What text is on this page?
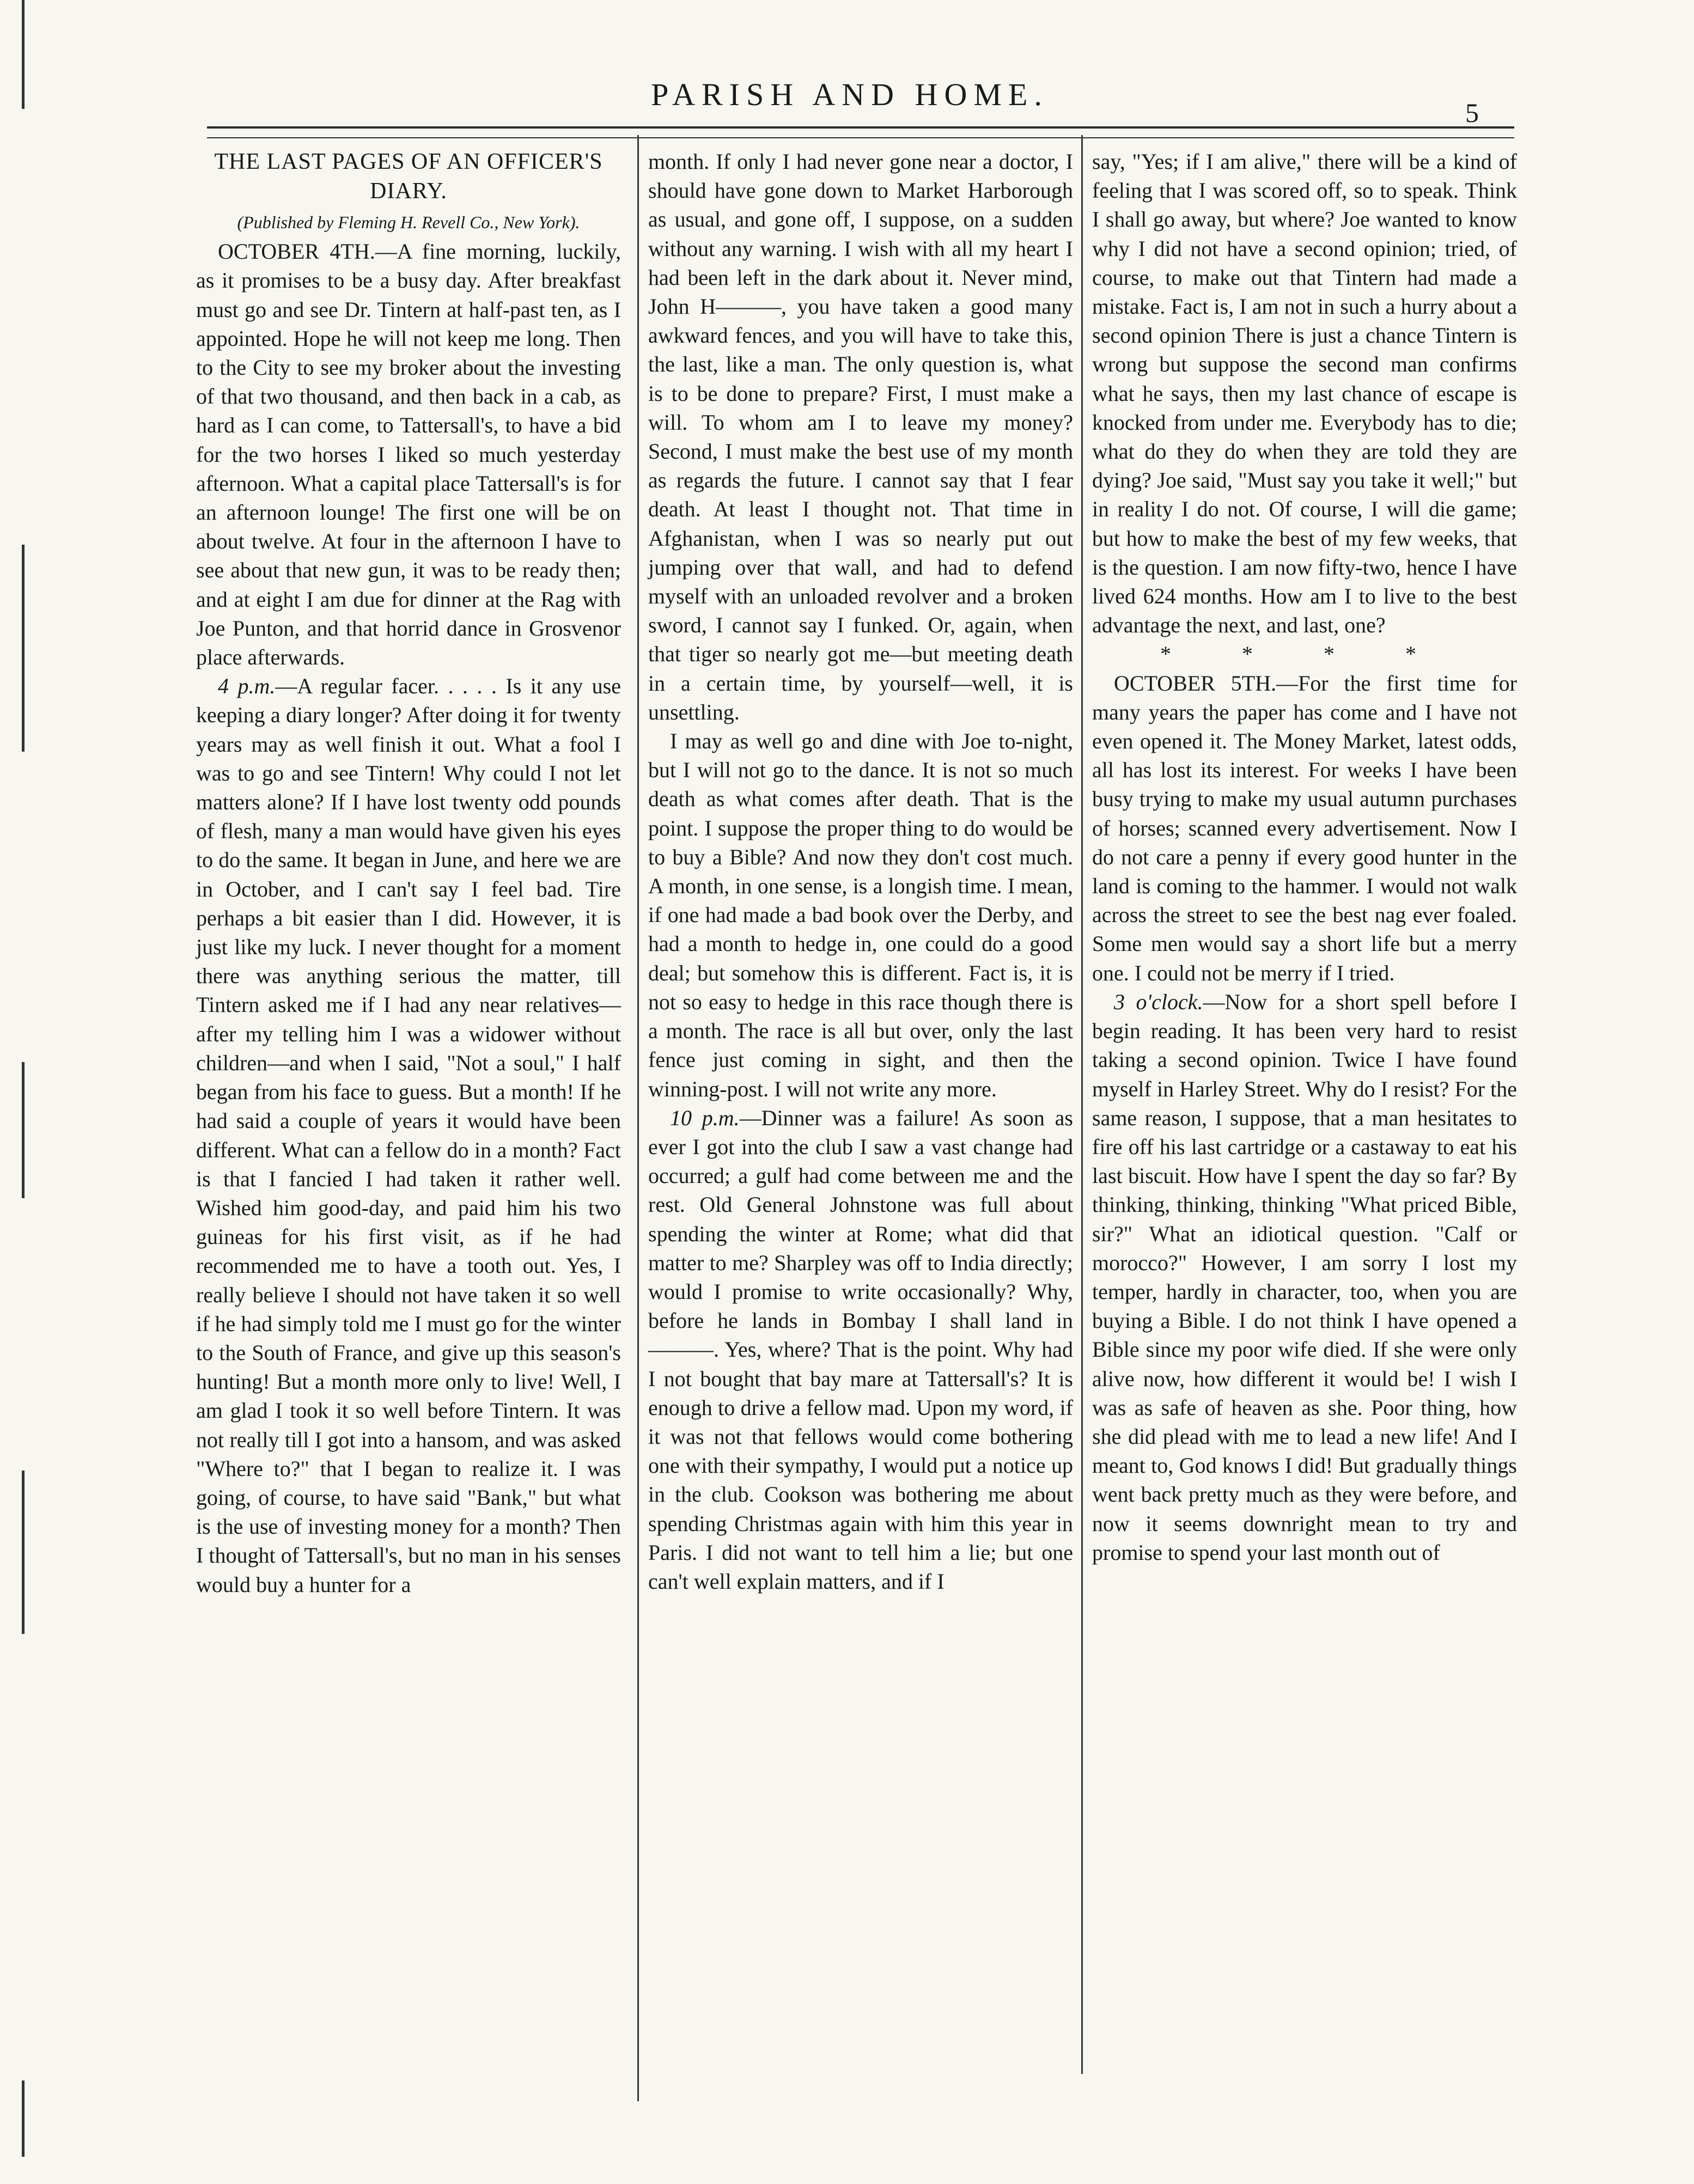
PARISH AND HOME.
5

THE LAST PAGES OF AN OFFICER'S DIARY.

(Published by Fleming H. Revell Co., New York).

OCTOBER 4TH.—A fine morning, luckily, as it promises to be a busy day. After breakfast must go and see Dr. Tintern at half-past ten, as I appointed. Hope he will not keep me long. Then to the City to see my broker about the investing of that two thousand, and then back in a cab, as hard as I can come, to Tattersall's, to have a bid for the two horses I liked so much yesterday afternoon. What a capital place Tattersall's is for an afternoon lounge! The first one will be on about twelve. At four in the afternoon I have to see about that new gun, it was to be ready then; and at eight I am due for dinner at the Rag with Joe Punton, and that horrid dance in Grosvenor place afterwards.

4 p.m.—A regular facer. . . . . Is it any use keeping a diary longer? After doing it for twenty years may as well finish it out. What a fool I was to go and see Tintern! Why could I not let matters alone? If I have lost twenty odd pounds of flesh, many a man would have given his eyes to do the same. It began in June, and here we are in October, and I can't say I feel bad. Tire perhaps a bit easier than I did. However, it is just like my luck. I never thought for a moment there was anything serious the matter, till Tintern asked me if I had any near relatives—after my telling him I was a widower without children—and when I said, "Not a soul," I half began from his face to guess. But a month! If he had said a couple of years it would have been different. What can a fellow do in a month? Fact is that I fancied I had taken it rather well. Wished him good-day, and paid him his two guineas for his first visit, as if he had recommended me to have a tooth out. Yes, I really believe I should not have taken it so well if he had simply told me I must go for the winter to the South of France, and give up this season's hunting! But a month more only to live! Well, I am glad I took it so well before Tintern. It was not really till I got into a hansom, and was asked "Where to?" that I began to realize it. I was going, of course, to have said "Bank," but what is the use of investing money for a month? Then I thought of Tattersall's, but no man in his senses would buy a hunter for a

month. If only I had never gone near a doctor, I should have gone down to Market Harborough as usual, and gone off, I suppose, on a sudden without any warning. I wish with all my heart I had been left in the dark about it. Never mind, John H———, you have taken a good many awkward fences, and you will have to take this, the last, like a man. The only question is, what is to be done to prepare? First, I must make a will. To whom am I to leave my money? Second, I must make the best use of my month as regards the future. I cannot say that I fear death. At least I thought not. That time in Afghanistan, when I was so nearly put out jumping over that wall, and had to defend myself with an unloaded revolver and a broken sword, I cannot say I funked. Or, again, when that tiger so nearly got me—but meeting death in a certain time, by yourself—well, it is unsettling.

I may as well go and dine with Joe to-night, but I will not go to the dance. It is not so much death as what comes after death. That is the point. I suppose the proper thing to do would be to buy a Bible? And now they don't cost much. A month, in one sense, is a longish time. I mean, if one had made a bad book over the Derby, and had a month to hedge in, one could do a good deal; but somehow this is different. Fact is, it is not so easy to hedge in this race though there is a month. The race is all but over, only the last fence just coming in sight, and then the winning-post. I will not write any more.

10 p.m.—Dinner was a failure! As soon as ever I got into the club I saw a vast change had occurred; a gulf had come between me and the rest. Old General Johnstone was full about spending the winter at Rome; what did that matter to me? Sharpley was off to India directly; would I promise to write occasionally? Why, before he lands in Bombay I shall land in ———. Yes, where? That is the point. Why had I not bought that bay mare at Tattersall's? It is enough to drive a fellow mad. Upon my word, if it was not that fellows would come bothering one with their sympathy, I would put a notice up in the club. Cookson was bothering me about spending Christmas again with him this year in Paris. I did not want to tell him a lie; but one can't well explain matters, and if I

say, "Yes; if I am alive," there will be a kind of feeling that I was scored off, so to speak. Think I shall go away, but where? Joe wanted to know why I did not have a second opinion; tried, of course, to make out that Tintern had made a mistake. Fact is, I am not in such a hurry about a second opinion There is just a chance Tintern is wrong but suppose the second man confirms what he says, then my last chance of escape is knocked from under me. Everybody has to die; what do they do when they are told they are dying? Joe said, "Must say you take it well;" but in reality I do not. Of course, I will die game; but how to make the best of my few weeks, that is the question. I am now fifty-two, hence I have lived 624 months. How am I to live to the best advantage the next, and last, one?

* * * *

OCTOBER 5TH.—For the first time for many years the paper has come and I have not even opened it. The Money Market, latest odds, all has lost its interest. For weeks I have been busy trying to make my usual autumn purchases of horses; scanned every advertisement. Now I do not care a penny if every good hunter in the land is coming to the hammer. I would not walk across the street to see the best nag ever foaled. Some men would say a short life but a merry one. I could not be merry if I tried.

3 o'clock.—Now for a short spell before I begin reading. It has been very hard to resist taking a second opinion. Twice I have found myself in Harley Street. Why do I resist? For the same reason, I suppose, that a man hesitates to fire off his last cartridge or a castaway to eat his last biscuit. How have I spent the day so far? By thinking, thinking, thinking "What priced Bible, sir?" What an idiotical question. "Calf or morocco?" However, I am sorry I lost my temper, hardly in character, too, when you are buying a Bible. I do not think I have opened a Bible since my poor wife died. If she were only alive now, how different it would be! I wish I was as safe of heaven as she. Poor thing, how she did plead with me to lead a new life! And I meant to, God knows I did! But gradually things went back pretty much as they were before, and now it seems downright mean to try and promise to spend your last month out of
